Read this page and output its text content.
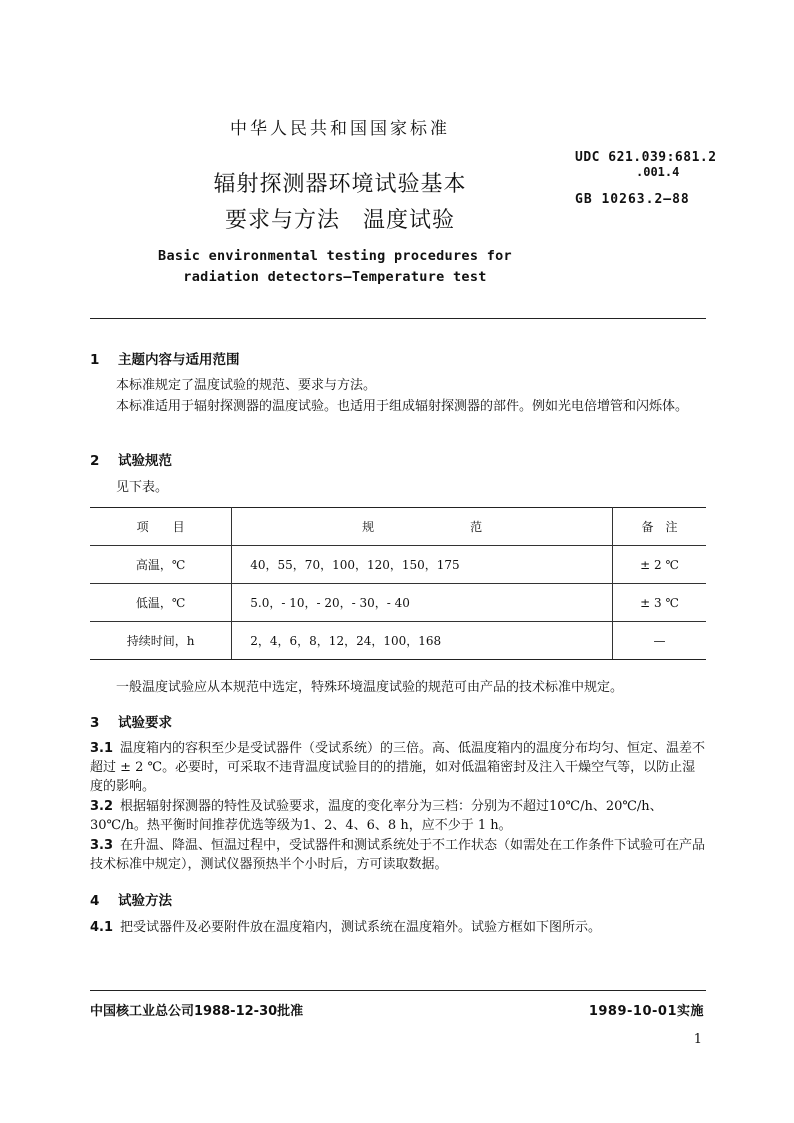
中华人民共和国国家标准
辐射探测器环境试验基本
要求与方法　温度试验
UDC 621.039:681.2
.001.4
GB 10263.2—88
Basic environmental testing procedures for
radiation detectors—Temperature test
1 主题内容与适用范围
本标准规定了温度试验的规范、要求与方法。
本标准适用于辐射探测器的温度试验。也适用于组成辐射探测器的部件。例如光电倍增管和闪烁体。
2 试验规范
见下表。
项　　目	规　　　　　　　　范	备　注
高温，℃	40，55，70，100，120，150，175	± 2 ℃
低温，℃	5.0，- 10，- 20，- 30，- 40	± 3 ℃
持续时间，h	2，4，6，8，12，24，100，168	—
一般温度试验应从本规范中选定，特殊环境温度试验的规范可由产品的技术标准中规定。
3 试验要求
3.1 温度箱内的容积至少是受试器件（受试系统）的三倍。高、低温度箱内的温度分布均匀、恒定、温差不超过 ± 2 ℃。必要时，可采取不违背温度试验目的的措施，如对低温箱密封及注入干燥空气等，以防止湿度的影响。
3.2 根据辐射探测器的特性及试验要求，温度的变化率分为三档：分别为不超过10℃/h、20℃/h、30℃/h。热平衡时间推荐优选等级为1、2、4、6、8 h，应不少于 1 h。
3.3 在升温、降温、恒温过程中，受试器件和测试系统处于不工作状态（如需处在工作条件下试验可在产品技术标准中规定），测试仪器预热半个小时后，方可读取数据。
4 试验方法
4.1 把受试器件及必要附件放在温度箱内，测试系统在温度箱外。试验方框如下图所示。
中国核工业总公司1988-12-30批准	1989-10-01实施
1
